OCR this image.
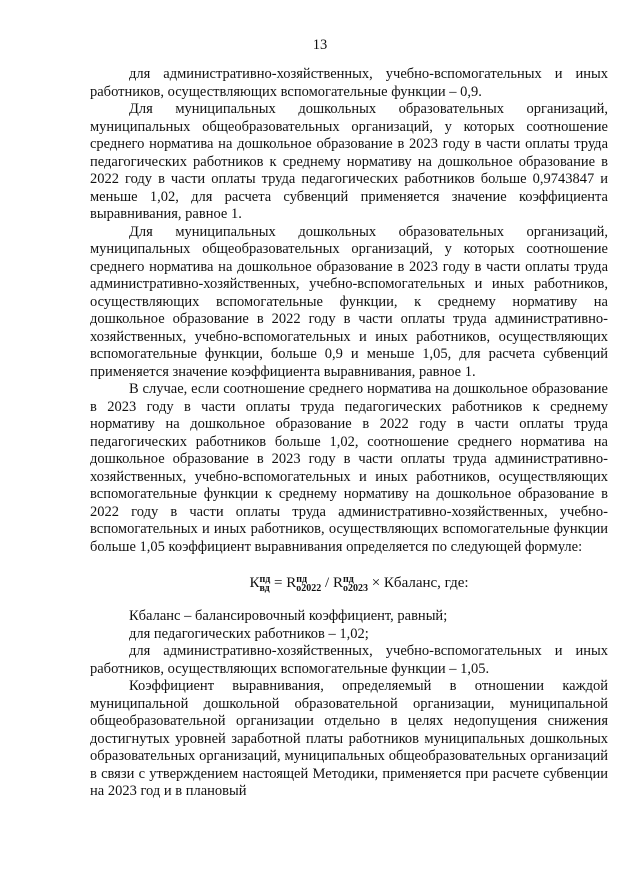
13

для административно-хозяйственных, учебно-вспомогательных и иных работников, осуществляющих вспомогательные функции – 0,9.

Для муниципальных дошкольных образовательных организаций, муниципальных общеобразовательных организаций, у которых соотношение среднего норматива на дошкольное образование в 2023 году в части оплаты труда педагогических работников к среднему нормативу на дошкольное образование в 2022 году в части оплаты труда педагогических работников больше 0,9743847 и меньше 1,02, для расчета субвенций применяется значение коэффициента выравнивания, равное 1.

Для муниципальных дошкольных образовательных организаций, муниципальных общеобразовательных организаций, у которых соотношение среднего норматива на дошкольное образование в 2023 году в части оплаты труда административно-хозяйственных, учебно-вспомогательных и иных работников, осуществляющих вспомогательные функции, к среднему нормативу на дошкольное образование в 2022 году в части оплаты труда административно-хозяйственных, учебно-вспомогательных и иных работников, осуществляющих вспомогательные функции, больше 0,9 и меньше 1,05, для расчета субвенций применяется значение коэффициента выравнивания, равное 1.

В случае, если соотношение среднего норматива на дошкольное образование в 2023 году в части оплаты труда педагогических работников к среднему нормативу на дошкольное образование в 2022 году в части оплаты труда педагогических работников больше 1,02, соотношение среднего норматива на дошкольное образование в 2023 году в части оплаты труда административно-хозяйственных, учебно-вспомогательных и иных работников, осуществляющих вспомогательные функции к среднему нормативу на дошкольное образование в 2022 году в части оплаты труда административно-хозяйственных, учебно-вспомогательных и иных работников, осуществляющих вспомогательные функции больше 1,05 коэффициент выравнивания определяется по следующей формуле:

К пд
вд = R пд
о2022 / R пд
о2023 × Кбаланс, где:

Кбаланс – балансировочный коэффициент, равный;

для педагогических работников – 1,02;

для административно-хозяйственных, учебно-вспомогательных и иных работников, осуществляющих вспомогательные функции – 1,05.

Коэффициент выравнивания, определяемый в отношении каждой муниципальной дошкольной образовательной организации, муниципальной общеобразовательной организации отдельно в целях недопущения снижения достигнутых уровней заработной платы работников муниципальных дошкольных образовательных организаций, муниципальных общеобразовательных организаций в связи с утверждением настоящей Методики, применяется при расчете субвенции на 2023 год и в плановый
